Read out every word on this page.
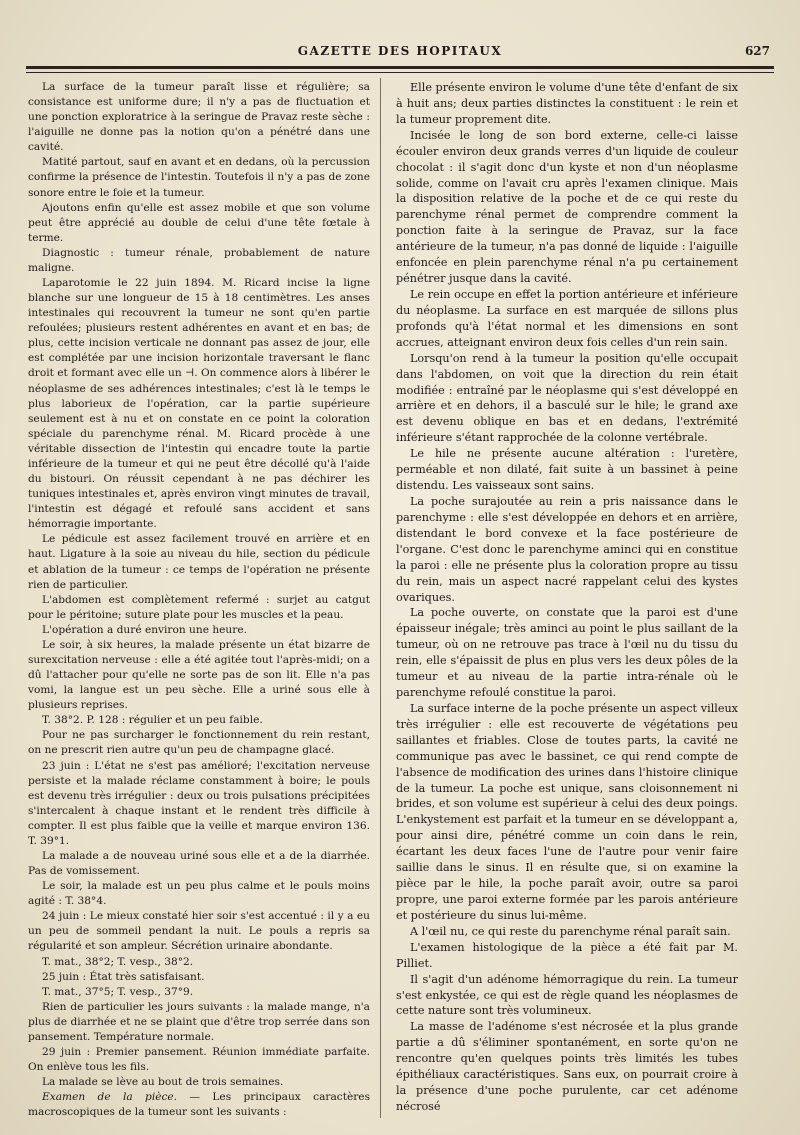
GAZETTE DES HOPITAUX	627

La surface de la tumeur paraît lisse et régulière; sa consistance est uniforme dure; il n'y a pas de fluctuation et une ponction exploratrice à la seringue de Pravaz reste sèche : l'aiguille ne donne pas la notion qu'on a pénétré dans une cavité.

Matité partout, sauf en avant et en dedans, où la percussion confirme la présence de l'intestin. Toutefois il n'y a pas de zone sonore entre le foie et la tumeur.

Ajoutons enfin qu'elle est assez mobile et que son volume peut être apprécié au double de celui d'une tête fœtale à terme.

Diagnostic : tumeur rénale, probablement de nature maligne.

Laparotomie le 22 juin 1894. M. Ricard incise la ligne blanche sur une longueur de 15 à 18 centimètres. Les anses intestinales qui recouvrent la tumeur ne sont qu'en partie refoulées; plusieurs restent adhérentes en avant et en bas; de plus, cette incision verticale ne donnant pas assez de jour, elle est complétée par une incision horizontale traversant le flanc droit et formant avec elle un ⊣. On commence alors à libérer le néoplasme de ses adhérences intestinales; c'est là le temps le plus laborieux de l'opération, car la partie supérieure seulement est à nu et on constate en ce point la coloration spéciale du parenchyme rénal. M. Ricard procède à une véritable dissection de l'intestin qui encadre toute la partie inférieure de la tumeur et qui ne peut être décollé qu'à l'aide du bistouri. On réussit cependant à ne pas déchirer les tuniques intestinales et, après environ vingt minutes de travail, l'intestin est dégagé et refoulé sans accident et sans hémorragie importante.

Le pédicule est assez facilement trouvé en arrière et en haut. Ligature à la soie au niveau du hile, section du pédicule et ablation de la tumeur : ce temps de l'opération ne présente rien de particulier.

L'abdomen est complètement refermé : surjet au catgut pour le péritoine; suture plate pour les muscles et la peau.

L'opération a duré environ une heure.

Le soir, à six heures, la malade présente un état bizarre de surexcitation nerveuse : elle a été agitée tout l'après-midi; on a dû l'attacher pour qu'elle ne sorte pas de son lit. Elle n'a pas vomi, la langue est un peu sèche. Elle a uriné sous elle à plusieurs reprises.

T. 38°2. P. 128 : régulier et un peu faible.

Pour ne pas surcharger le fonctionnement du rein restant, on ne prescrit rien autre qu'un peu de champagne glacé.

23 juin : L'état ne s'est pas amélioré; l'excitation nerveuse persiste et la malade réclame constamment à boire; le pouls est devenu très irrégulier : deux ou trois pulsations précipitées s'intercalent à chaque instant et le rendent très difficile à compter. Il est plus faible que la veille et marque environ 136. T. 39°1.

La malade a de nouveau uriné sous elle et a de la diarrhée. Pas de vomissement.

Le soir, la malade est un peu plus calme et le pouls moins agité : T. 38°4.

24 juin : Le mieux constaté hier soir s'est accentué : il y a eu un peu de sommeil pendant la nuit. Le pouls a repris sa régularité et son ampleur. Sécrétion urinaire abondante.

T. mat., 38°2; T. vesp., 38°2.

25 juin : État très satisfaisant.

T. mat., 37°5; T. vesp., 37°9.

Rien de particulier les jours suivants : la malade mange, n'a plus de diarrhée et ne se plaint que d'être trop serrée dans son pansement. Température normale.

29 juin : Premier pansement. Réunion immédiate parfaite. On enlève tous les fils.

La malade se lève au bout de trois semaines.

Examen de la pièce. — Les principaux caractères macroscopiques de la tumeur sont les suivants :

Elle présente environ le volume d'une tête d'enfant de six à huit ans; deux parties distinctes la constituent : le rein et la tumeur proprement dite.

Incisée le long de son bord externe, celle-ci laisse écouler environ deux grands verres d'un liquide de couleur chocolat : il s'agit donc d'un kyste et non d'un néoplasme solide, comme on l'avait cru après l'examen clinique. Mais la disposition relative de la poche et de ce qui reste du parenchyme rénal permet de comprendre comment la ponction faite à la seringue de Pravaz, sur la face antérieure de la tumeur, n'a pas donné de liquide : l'aiguille enfoncée en plein parenchyme rénal n'a pu certainement pénétrer jusque dans la cavité.

Le rein occupe en effet la portion antérieure et inférieure du néoplasme. La surface en est marquée de sillons plus profonds qu'à l'état normal et les dimensions en sont accrues, atteignant environ deux fois celles d'un rein sain.

Lorsqu'on rend à la tumeur la position qu'elle occupait dans l'abdomen, on voit que la direction du rein était modifiée : entraîné par le néoplasme qui s'est développé en arrière et en dehors, il a basculé sur le hile; le grand axe est devenu oblique en bas et en dedans, l'extrémité inférieure s'étant rapprochée de la colonne vertébrale.

Le hile ne présente aucune altération : l'uretère, perméable et non dilaté, fait suite à un bassinet à peine distendu. Les vaisseaux sont sains.

La poche surajoutée au rein a pris naissance dans le parenchyme : elle s'est développée en dehors et en arrière, distendant le bord convexe et la face postérieure de l'organe. C'est donc le parenchyme aminci qui en constitue la paroi : elle ne présente plus la coloration propre au tissu du rein, mais un aspect nacré rappelant celui des kystes ovariques.

La poche ouverte, on constate que la paroi est d'une épaisseur inégale; très aminci au point le plus saillant de la tumeur, où on ne retrouve pas trace à l'œil nu du tissu du rein, elle s'épaissit de plus en plus vers les deux pôles de la tumeur et au niveau de la partie intra-rénale où le parenchyme refoulé constitue la paroi.

La surface interne de la poche présente un aspect villeux très irrégulier : elle est recouverte de végétations peu saillantes et friables. Close de toutes parts, la cavité ne communique pas avec le bassinet, ce qui rend compte de l'absence de modification des urines dans l'histoire clinique de la tumeur. La poche est unique, sans cloisonnement ni brides, et son volume est supérieur à celui des deux poings. L'enkystement est parfait et la tumeur en se développant a, pour ainsi dire, pénétré comme un coin dans le rein, écartant les deux faces l'une de l'autre pour venir faire saillie dans le sinus. Il en résulte que, si on examine la pièce par le hile, la poche paraît avoir, outre sa paroi propre, une paroi externe formée par les parois antérieure et postérieure du sinus lui-même.

A l'œil nu, ce qui reste du parenchyme rénal paraît sain.

L'examen histologique de la pièce a été fait par M. Pilliet.

Il s'agit d'un adénome hémorragique du rein. La tumeur s'est enkystée, ce qui est de règle quand les néoplasmes de cette nature sont très volumineux.

La masse de l'adénome s'est nécrosée et la plus grande partie a dû s'éliminer spontanément, en sorte qu'on ne rencontre qu'en quelques points très limités les tubes épithéliaux caractéristiques. Sans eux, on pourrait croire à la présence d'une poche purulente, car cet adénome nécrosé
